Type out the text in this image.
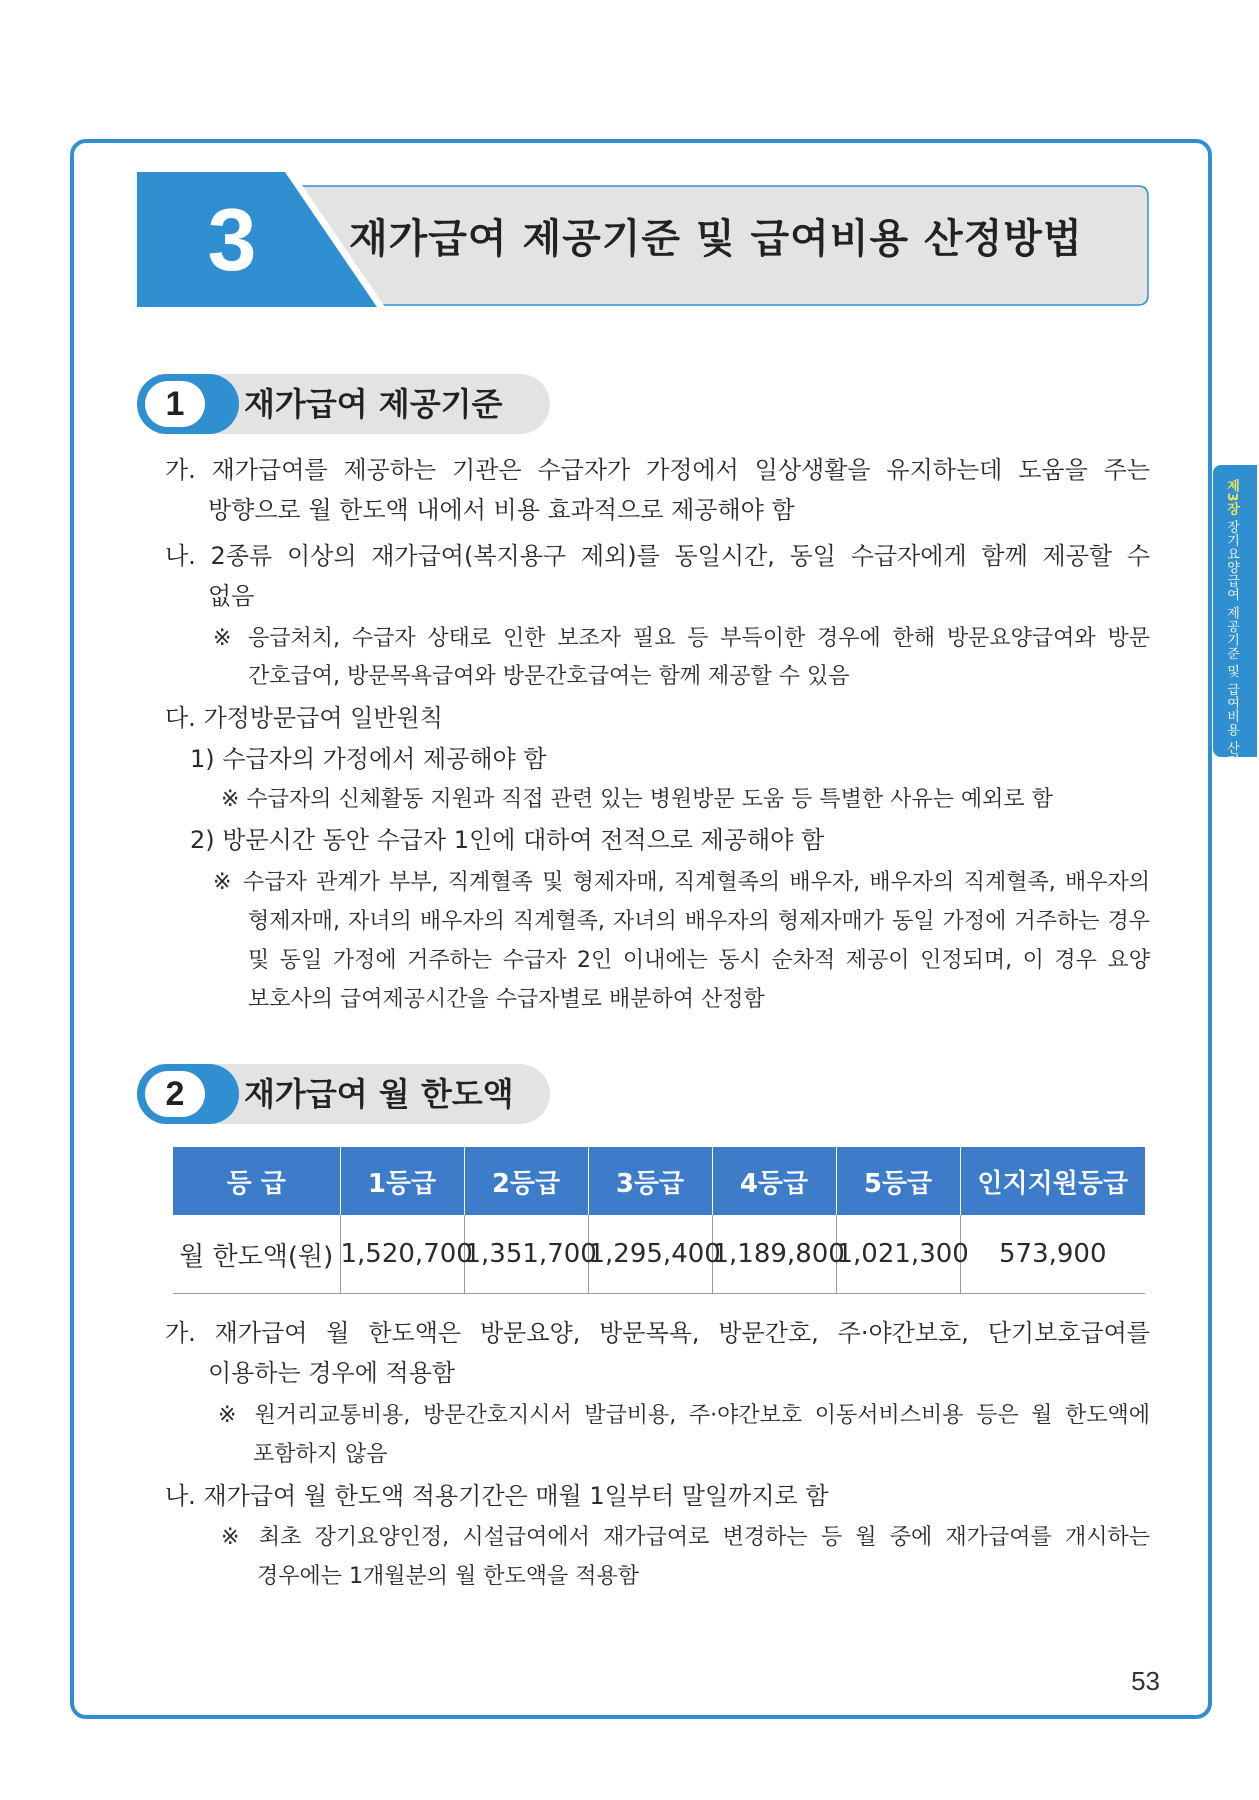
3	재가급여 제공기준 및 급여비용 산정방법
제3장 장기요양급여 제공기준 및 급여비용 산정기준
1	재가급여 제공기준
가. 재가급여를 제공하는 기관은 수급자가 가정에서 일상생활을 유지하는데 도움을 주는
방향으로 월 한도액 내에서 비용 효과적으로 제공해야 함
나. 2종류 이상의 재가급여(복지용구 제외)를 동일시간, 동일 수급자에게 함께 제공할 수
없음
※ 응급처치, 수급자 상태로 인한 보조자 필요 등 부득이한 경우에 한해 방문요양급여와 방문
간호급여, 방문목욕급여와 방문간호급여는 함께 제공할 수 있음
다. 가정방문급여 일반원칙
1) 수급자의 가정에서 제공해야 함
※ 수급자의 신체활동 지원과 직접 관련 있는 병원방문 도움 등 특별한 사유는 예외로 함
2) 방문시간 동안 수급자 1인에 대하여 전적으로 제공해야 함
※ 수급자 관계가 부부, 직계혈족 및 형제자매, 직계혈족의 배우자, 배우자의 직계혈족, 배우자의
형제자매, 자녀의 배우자의 직계혈족, 자녀의 배우자의 형제자매가 동일 가정에 거주하는 경우
및 동일 가정에 거주하는 수급자 2인 이내에는 동시 순차적 제공이 인정되며, 이 경우 요양
보호사의 급여제공시간을 수급자별로 배분하여 산정함
2	재가급여 월 한도액
등 급	1등급	2등급	3등급	4등급	5등급	인지지원등급
월 한도액(원)	1,520,700	1,351,700	1,295,400	1,189,800	1,021,300	573,900
가. 재가급여 월 한도액은 방문요양, 방문목욕, 방문간호, 주·야간보호, 단기보호급여를
이용하는 경우에 적용함
※ 원거리교통비용, 방문간호지시서 발급비용, 주·야간보호 이동서비스비용 등은 월 한도액에
포함하지 않음
나. 재가급여 월 한도액 적용기간은 매월 1일부터 말일까지로 함
※ 최초 장기요양인정, 시설급여에서 재가급여로 변경하는 등 월 중에 재가급여를 개시하는
경우에는 1개월분의 월 한도액을 적용함
53
